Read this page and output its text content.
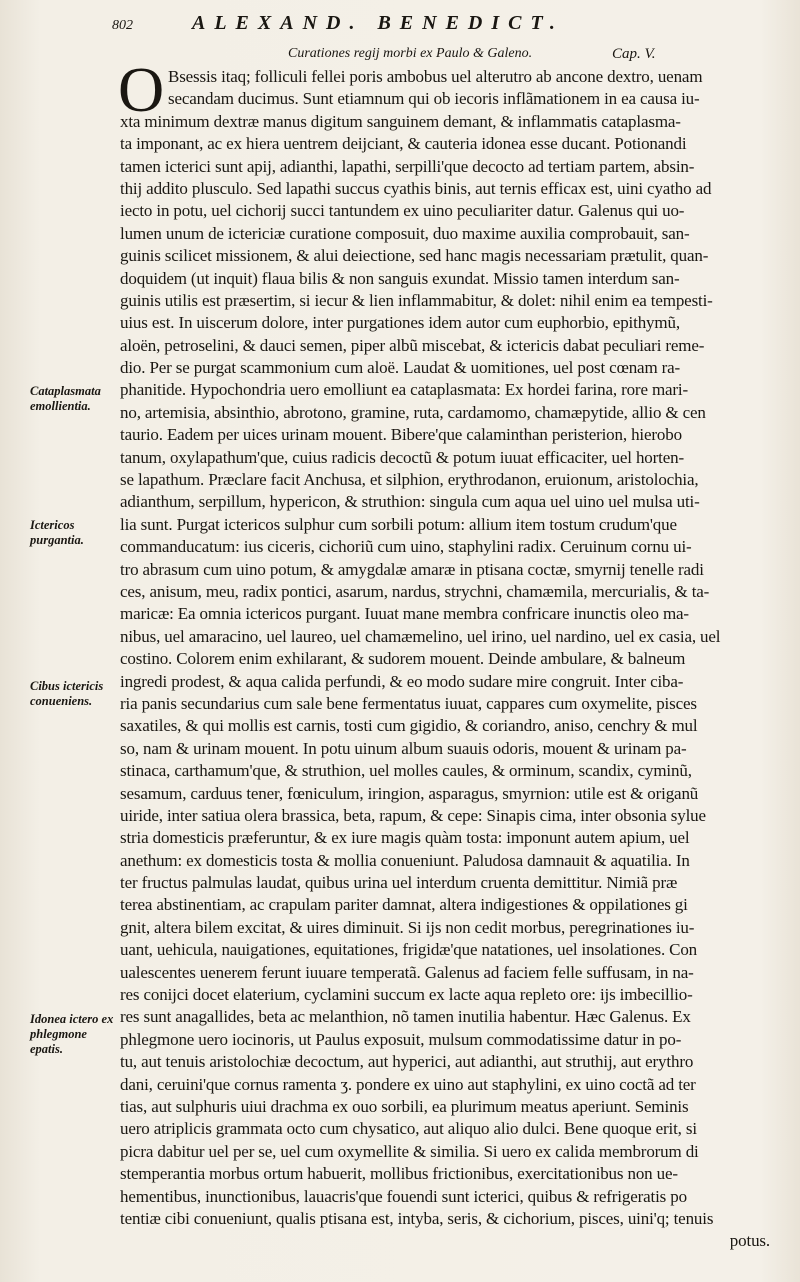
802	ALEXAND. BENEDICT.
Curationes regij morbi ex Paulo & Galeno.	Cap. V.
O Bsessis itaq; folliculi fellei poris ambobus uel alterutro ab ancone dextro, uenam
secandam ducimus. Sunt etiamnum qui ob iecoris inflãmationem in ea causa iu-
xta minimum dextræ manus digitum sanguinem demant, & inflammatis cataplasma-
ta imponant, ac ex hiera uentrem deijciant, & cauteria idonea esse ducant. Potionandi
tamen icterici sunt apij, adianthi, lapathi, serpilli'que decocto ad tertiam partem, absin-
thij addito plusculo. Sed lapathi succus cyathis binis, aut ternis efficax est, uini cyatho ad
iecto in potu, uel cichorij succi tantundem ex uino peculiariter datur. Galenus qui uo-
lumen unum de ictericiæ curatione composuit, duo maxime auxilia comprobauit, san-
guinis scilicet missionem, & alui deiectione, sed hanc magis necessariam prætulit, quan-
doquidem (ut inquit) flaua bilis & non sanguis exundat. Missio tamen interdum san-
guinis utilis est præsertim, si iecur & lien inflammabitur, & dolet: nihil enim ea tempesti-
uius est. In uiscerum dolore, inter purgationes idem autor cum euphorbio, epithymũ,
aloën, petroselini, & dauci semen, piper albũ miscebat, & ictericis dabat peculiari reme-
dio. Per se purgat scammonium cum aloë. Laudat & uomitiones, uel post cœnam ra-
phanitide. Hypochondria uero emolliunt ea cataplasmata: Ex hordei farina, rore mari-
no, artemisia, absinthio, abrotono, gramine, ruta, cardamomo, chamæpytide, allio & cen
taurio. Eadem per uices urinam mouent. Bibere'que calaminthan peristerion, hierobo
tanum, oxylapathum'que, cuius radicis decoctũ & potum iuuat efficaciter, uel horten-
se lapathum. Præclare facit Anchusa, et silphion, erythrodanon, eruionum, aristolochia,
adianthum, serpillum, hypericon, & struthion: singula cum aqua uel uino uel mulsa uti-
lia sunt. Purgat ictericos sulphur cum sorbili potum: allium item tostum crudum'que
commanducatum: ius ciceris, cichoriũ cum uino, staphylini radix. Ceruinum cornu ui-
tro abrasum cum uino potum, & amygdalæ amaræ in ptisana coctæ, smyrnij tenelle radi
ces, anisum, meu, radix pontici, asarum, nardus, strychni, chamæmila, mercurialis, & ta-
maricæ: Ea omnia ictericos purgant. Iuuat mane membra confricare inunctis oleo ma-
nibus, uel amaracino, uel laureo, uel chamæmelino, uel irino, uel nardino, uel ex casia, uel
costino. Colorem enim exhilarant, & sudorem mouent. Deinde ambulare, & balneum
ingredi prodest, & aqua calida perfundi, & eo modo sudare mire congruit. Inter ciba-
ria panis secundarius cum sale bene fermentatus iuuat, cappares cum oxymelite, pisces
saxatiles, & qui mollis est carnis, tosti cum gigidio, & coriandro, aniso, cenchry & mul
so, nam & urinam mouent. In potu uinum album suauis odoris, mouent & urinam pa-
stinaca, carthamum'que, & struthion, uel molles caules, & orminum, scandix, cyminũ,
sesamum, carduus tener, fœniculum, iringion, asparagus, smyrnion: utile est & origanũ
uiride, inter satiua olera brassica, beta, rapum, & cepe: Sinapis cima, inter obsonia sylue
stria domesticis præferuntur, & ex iure magis quàm tosta: imponunt autem apium, uel
anethum: ex domesticis tosta & mollia conueniunt. Paludosa damnauit & aquatilia. In
ter fructus palmulas laudat, quibus urina uel interdum cruenta demittitur. Nimiã præ
terea abstinentiam, ac crapulam pariter damnat, altera indigestiones & oppilationes gi
gnit, altera bilem excitat, & uires diminuit. Si ijs non cedit morbus, peregrinationes iu-
uant, uehicula, nauigationes, equitationes, frigidæ'que natationes, uel insolationes. Con
ualescentes uenerem ferunt iuuare temperatã. Galenus ad faciem felle suffusam, in na-
res conijci docet elaterium, cyclamini succum ex lacte aqua repleto ore: ijs imbecillio-
res sunt anagallides, beta ac melanthion, nõ tamen inutilia habentur. Hæc Galenus. Ex
phlegmone uero iocinoris, ut Paulus exposuit, mulsum commodatissime datur in po-
tu, aut tenuis aristolochiæ decoctum, aut hyperici, aut adianthi, aut struthij, aut erythro
dani, ceruini'que cornus ramenta ʒ. pondere ex uino aut staphylini, ex uino coctã ad ter
tias, aut sulphuris uiui drachma ex ouo sorbili, ea plurimum meatus aperiunt. Seminis
uero atriplicis grammata octo cum chysatico, aut aliquo alio dulci. Bene quoque erit, si
picra dabitur uel per se, uel cum oxymellite & similia. Si uero ex calida membrorum di
stemperantia morbus ortum habuerit, mollibus frictionibus, exercitationibus non ue-
hementibus, inunctionibus, lauacris'que fouendi sunt icterici, quibus & refrigeratis po
tentiæ cibi conueniunt, qualis ptisana est, intyba, seris, & cichorium, pisces, uini'q; tenuis
potus.
Cataplasmata emollientia.
Ictericos purgantia.
Cibus ictericis conueniens.
Idonea ictero ex phlegmone epatis.
